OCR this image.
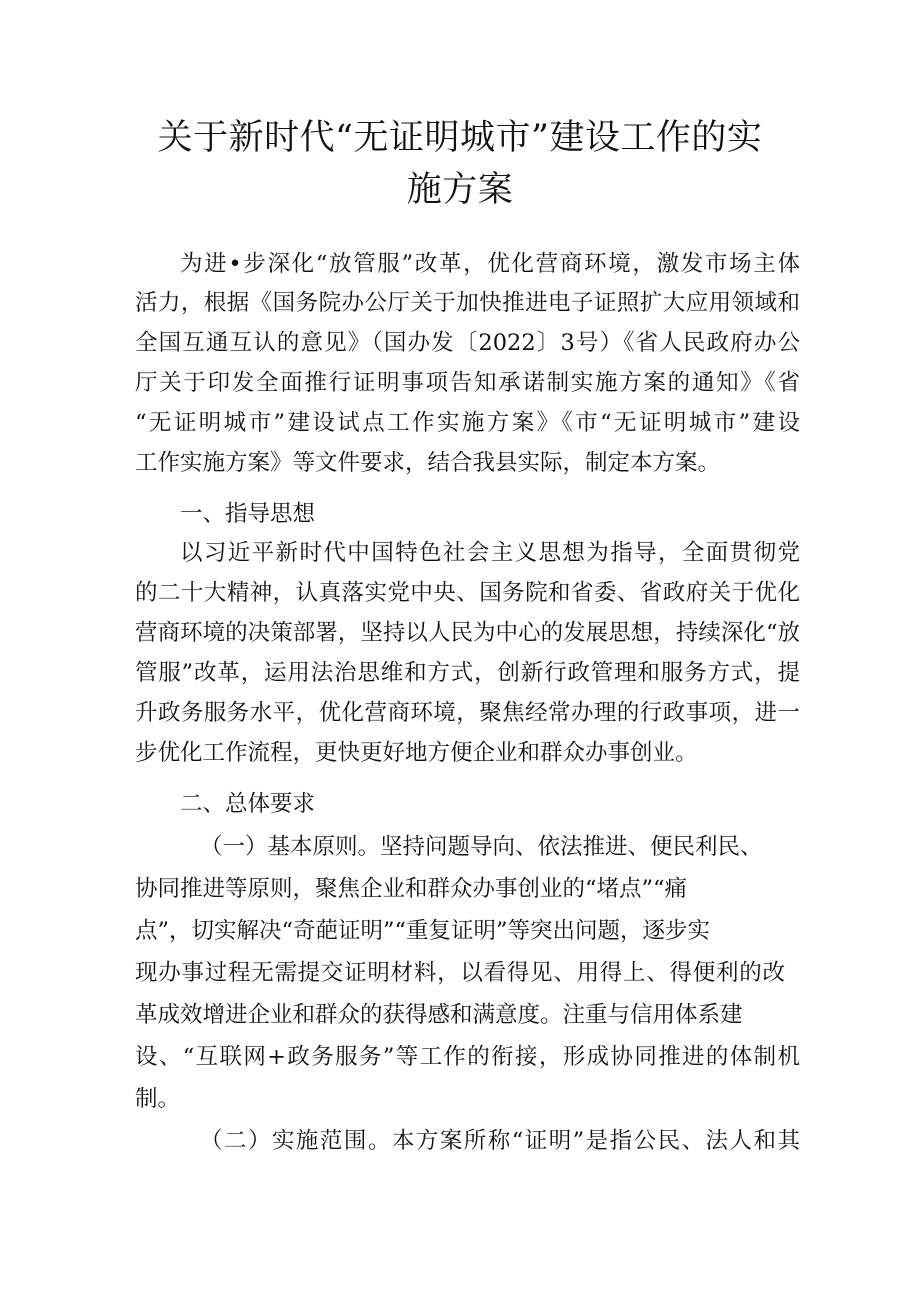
关于新时代“无证明城市”建设工作的实
施方案
为进•步深化“放管服”改革，优化营商环境，激发市场主体
活力，根据《国务院办公厅关于加快推进电子证照扩大应用领域和
全国互通互认的意见》（国办发〔2022〕3号）《省人民政府办公
厅关于印发全面推行证明事项告知承诺制实施方案的通知》《省
“无证明城市”建设试点工作实施方案》《市“无证明城市”建设
工作实施方案》等文件要求，结合我县实际，制定本方案。
一、指导思想
以习近平新时代中国特色社会主义思想为指导，全面贯彻党
的二十大精神，认真落实党中央、国务院和省委、省政府关于优化
营商环境的决策部署，坚持以人民为中心的发展思想，持续深化“放
管服”改革，运用法治思维和方式，创新行政管理和服务方式，提
升政务服务水平，优化营商环境，聚焦经常办理的行政事项，进一
步优化工作流程，更快更好地方便企业和群众办事创业。
二、总体要求
（一）基本原则。坚持问题导向、依法推进、便民利民、
协同推进等原则，聚焦企业和群众办事创业的“堵点”“痛
点”，切实解决“奇葩证明”“重复证明”等突出问题，逐步实
现办事过程无需提交证明材料，以看得见、用得上、得便利的改
革成效增进企业和群众的获得感和满意度。注重与信用体系建
设、“互联网+政务服务”等工作的衔接，形成协同推进的体制机
制。
（二）实施范围。本方案所称“证明”是指公民、法人和其
